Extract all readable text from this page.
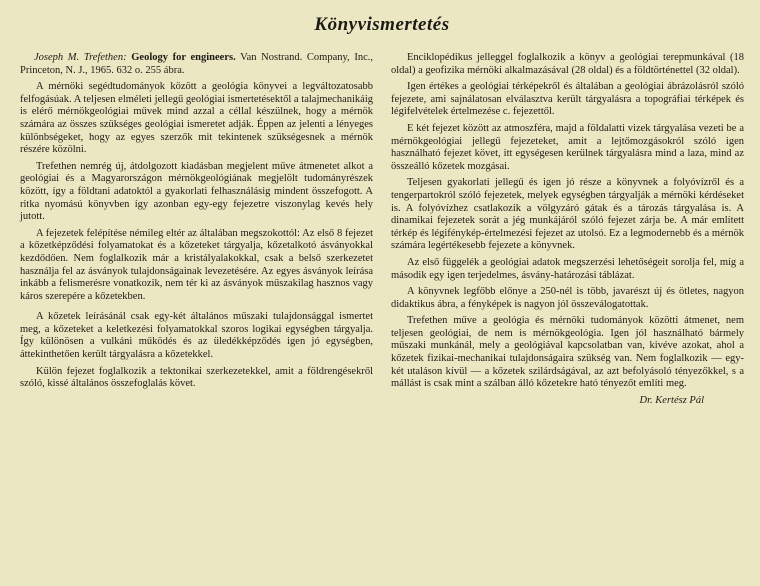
Könyvismertetés

Joseph M. Trefethen: Geology for engineers. Van Nostrand. Company, Inc., Princeton, N. J., 1965. 632 o. 255 ábra.

A mérnöki segédtudományok között a geológia könyvei a legváltozatosabb felfogásúak. A teljesen elméleti jellegű geológiai ismertetésektől a talajmechanikáig is elérő mérnökgeológiai művek mind azzal a céllal készülnek, hogy a mérnök számára az összes szükséges geológiai ismeretet adják. Éppen az jelenti a lényeges különbségeket, hogy az egyes szerzők mit tekintenek szükségesnek a mérnök részére közölni.

Trefethen nemrég új, átdolgozott kiadásban megjelent műve átmenetet alkot a geológiai és a Magyarországon mérnökgeológiának megjelölt tudományrészek között, így a földtani adatoktól a gyakorlati felhasználásig mindent összefogott. A ritka nyomású könyvben így azonban egy-egy fejezetre viszonylag kevés hely jutott.

A fejezetek felépítése némileg eltér az általában megszokottól: Az első 8 fejezet a kőzetképződési folyamatokat és a kőzeteket tárgyalja, kőzetalkotó ásványokkal kezdődően. Nem foglalkozik már a kristályalakokkal, csak a belső szerkezetet használja fel az ásványok tulajdonságainak levezetésére. Az egyes ásványok leírása inkább a felismerésre vonatkozik, nem tér ki az ásványok műszakilag hasznos vagy káros szerepére a kőzetekben.

A kőzetek leírásánál csak egy-két általános műszaki tulajdonsággal ismertet meg, a kőzeteket a keletkezési folyamatokkal szoros logikai egységben tárgyalja. Így különösen a vulkáni működés és az üledékképződés igen jó egységben, áttekinthetően került tárgyalásra a kőzetekkel.

Külön fejezet foglalkozik a tektonikai szerkezetekkel, amit a földrengésekről szóló, kissé általános összefoglalás követ.

Enciklopédikus jelleggel foglalkozik a könyv a geológiai terepmunkával (18 oldal) a geofizika mérnöki alkalmazásával (28 oldal) és a földtörténettel (32 oldal).

Igen értékes a geológiai térképekről és általában a geológiai ábrázolásról szóló fejezete, ami sajnálatosan elválasztva került tárgyalásra a topográfiai térképek és légifelvételek értelmezése c. fejezettől.

E két fejezet között az atmoszféra, majd a földalatti vizek tárgyalása vezeti be a mérnökgeológiai jellegű fejezeteket, amit a lejtőmozgásokról szóló igen használható fejezet követ, itt egységesen kerülnek tárgyalásra mind a laza, mind az összeálló kőzetek mozgásai.

Teljesen gyakorlati jellegű és igen jó része a könyvnek a folyóvízről és a tengerpartokról szóló fejezetek, melyek egységben tárgyalják a mérnöki kérdéseket is. A folyóvízhez csatlakozik a völgyzáró gátak és a tározás tárgyalása is. A dinamikai fejezetek sorát a jég munkájáról szóló fejezet zárja be. A már említett térkép és légifénykép-értelmezési fejezet az utolsó. Ez a legmodernebb és a mérnök számára legértékesebb fejezete a könyvnek.

Az első függelék a geológiai adatok megszerzési lehetőségeit sorolja fel, míg a második egy igen terjedelmes, ásvány-határozási táblázat.

A könyvnek legfőbb előnye a 250-nél is több, javarészt új és ötletes, nagyon didaktikus ábra, a fényképek is nagyon jól összeválogatottak.

Trefethen műve a geológia és mérnöki tudományok közötti átmenet, nem teljesen geológiai, de nem is mérnökgeológia. Igen jól használható bármely műszaki munkánál, mely a geológiával kapcsolatban van, kivéve azokat, ahol a kőzetek fizikai-mechanikai tulajdonságaira szükség van. Nem foglalkozik — egy-két utaláson kívül — a kőzetek szilárdságával, az azt befolyásoló tényezőkkel, s a mállást is csak mint a szálban álló kőzetekre ható tényezőt említi meg.

Dr. Kertész Pál
